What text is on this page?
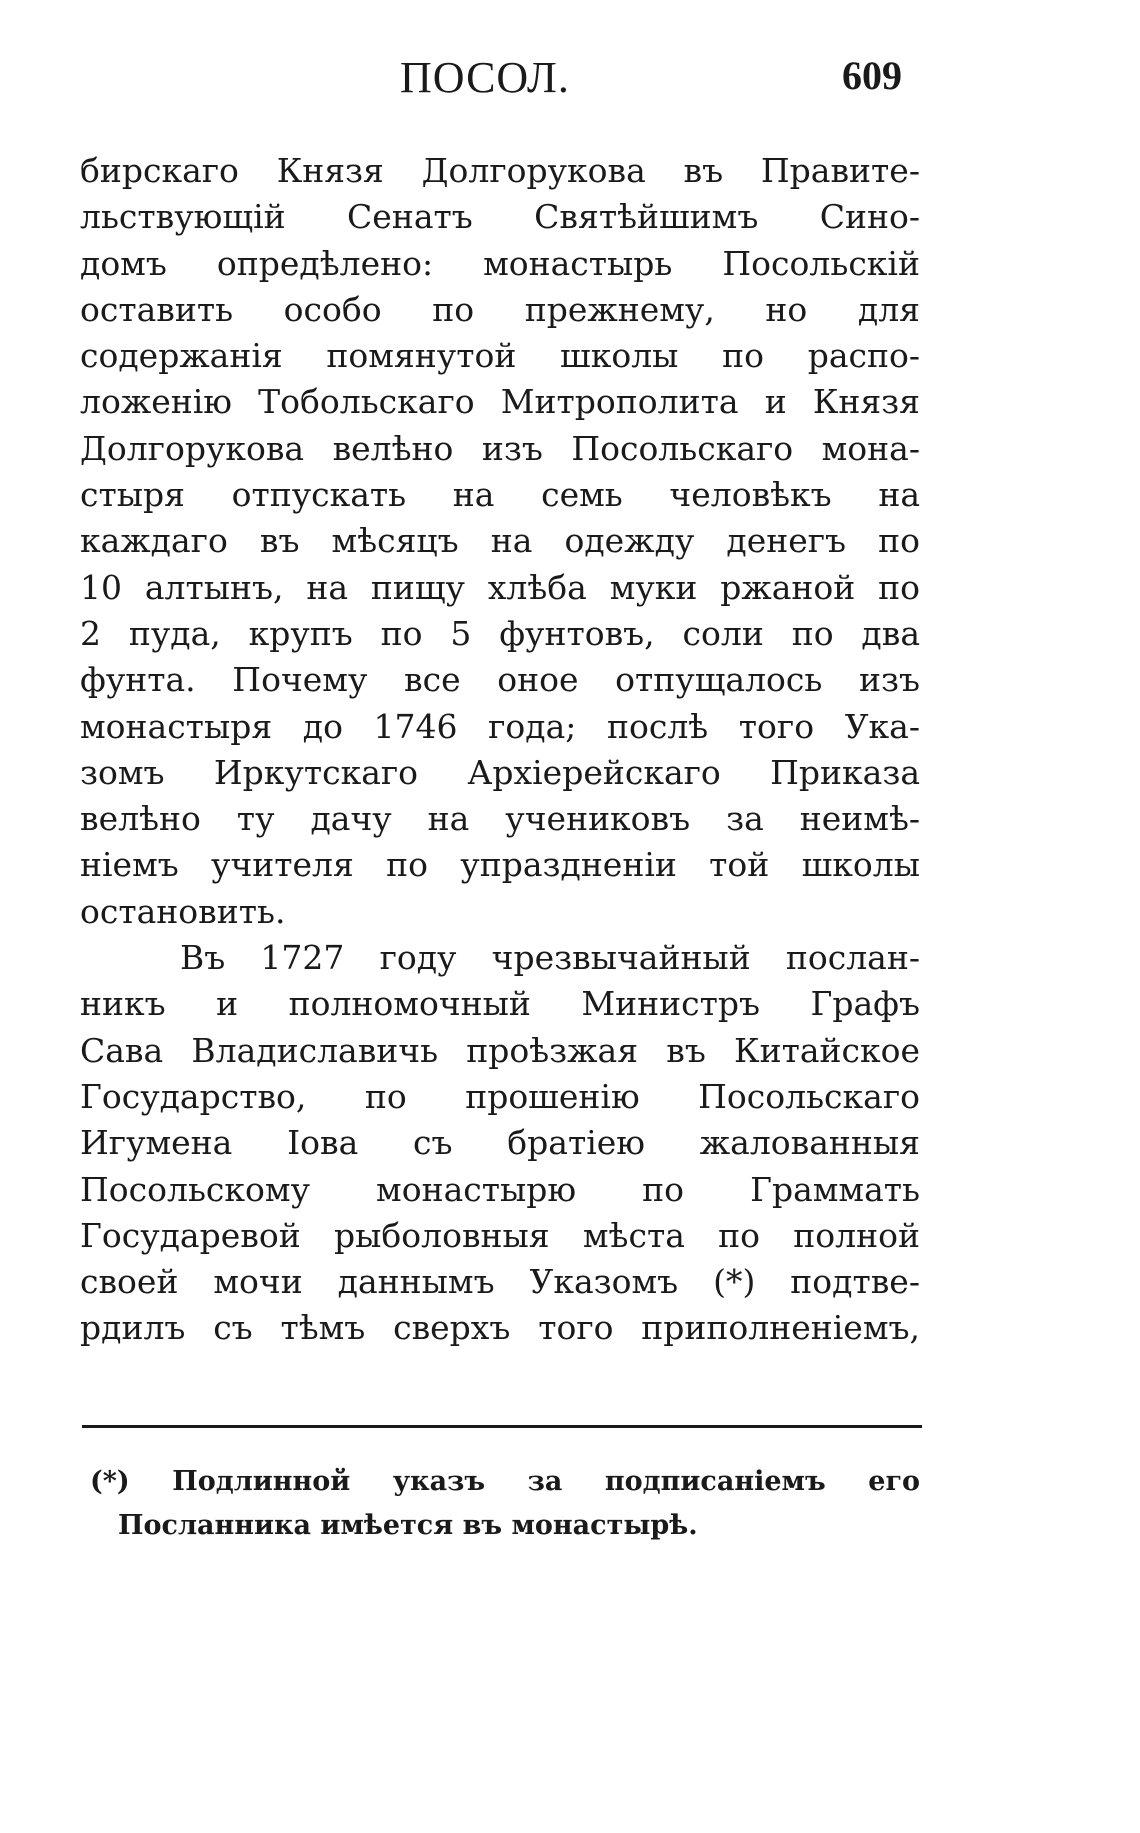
ПОСОЛ.	609
бирскаго Князя Долгорукова въ Правите-
льствующій Сенатъ Святѣйшимъ Сино-
домъ опредѣлено: монастырь Посольскій
оставить особо по прежнему, но для
содержанія помянутой школы по распо-
ложенію Тобольскаго Митрополита и Князя
Долгорукова велѣно изъ Посольскаго мона-
стыря отпускать на семь человѣкъ на
каждаго въ мѣсяцъ на одежду денегъ по
10 алтынъ, на пищу хлѣба муки ржаной по
2 пуда, крупъ по 5 фунтовъ, соли по два
фунта. Почему все оное отпущалось изъ
монастыря до 1746 года; послѣ того Ука-
зомъ Иркутскаго Архіерейскаго Приказа
велѣно ту дачу на учениковъ за неимѣ-
ніемъ учителя по упраздненіи той школы
остановить.
Въ 1727 году чрезвычайный послан-
никъ и полномочный Министръ Графъ
Сава Владиславичь проѣзжая въ Китайское
Государство, по прошенію Посольскаго
Игумена Іова съ братіею жалованныя
Посольскому монастырю по Граммать
Государевой рыболовныя мѣста по полной
своей мочи даннымъ Указомъ (*) подтве-
рдилъ съ тѣмъ сверхъ того приполненіемъ,
(*) Подлинной указъ за подписаніемъ его
Посланника имѣется въ монастырѣ.
